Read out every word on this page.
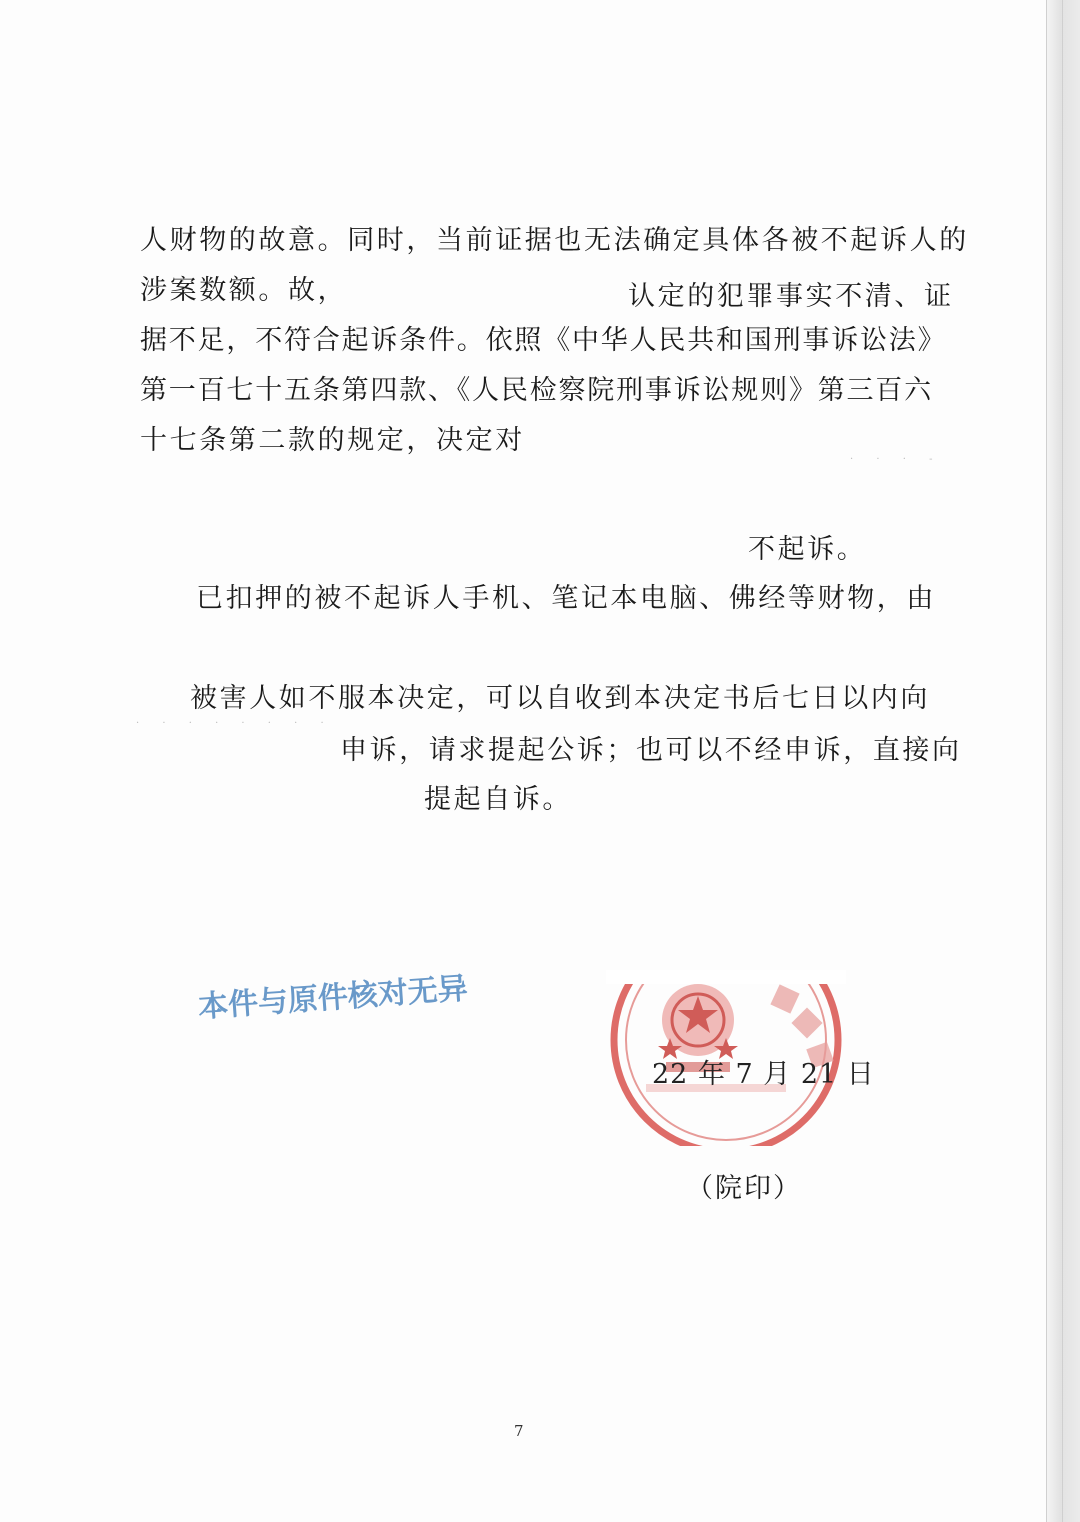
人财物的故意。同时，当前证据也无法确定具体各被不起诉人的
涉案数额。故，	认定的犯罪事实不清、证
据不足，不符合起诉条件。依照《中华人民共和国刑事诉讼法》
第一百七十五条第四款、《人民检察院刑事诉讼规则》第三百六
十七条第二款的规定，决定对
· · · -
不起诉。
已扣押的被不起诉人手机、笔记本电脑、佛经等财物，由
被害人如不服本决定，可以自收到本决定书后七日以内向
· · · · · · · ·
申诉，请求提起公诉；也可以不经申诉，直接向
提起自诉。
本件与原件核对无异
22 年 7 月 21 日
（院印）
7
